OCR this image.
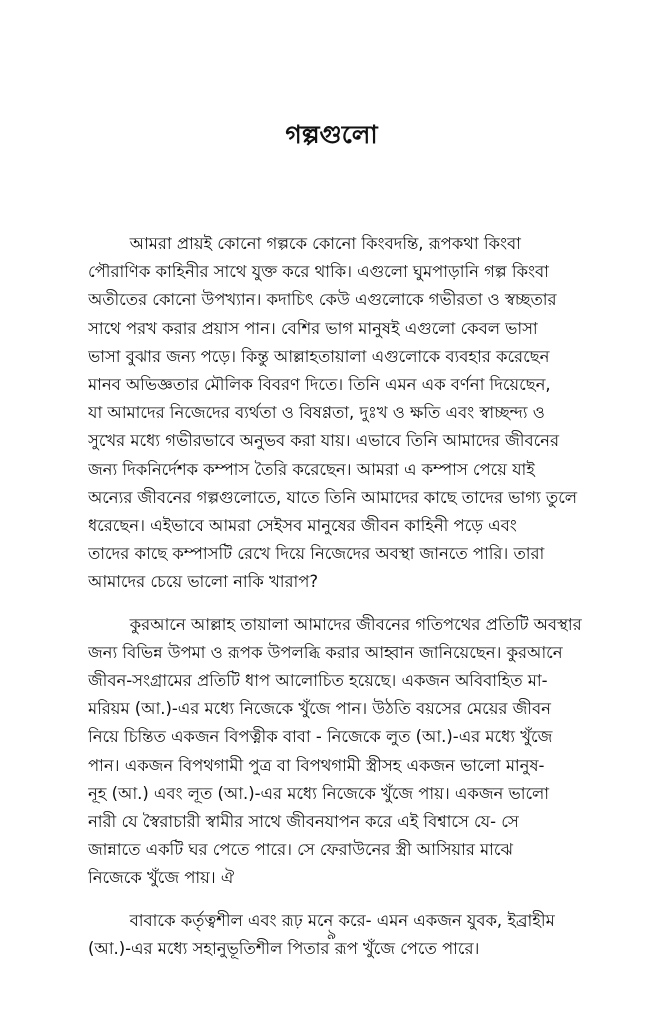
গল্পগুলো

আমরা প্রায়ই কোনো গল্পকে কোনো কিংবদন্তি, রূপকথা কিংবা
পৌরাণিক কাহিনীর সাথে যুক্ত করে থাকি। এগুলো ঘুমপাড়ানি গল্প কিংবা
অতীতের কোনো উপখ্যান। কদাচিৎ কেউ এগুলোকে গভীরতা ও স্বচ্ছতার
সাথে পরখ করার প্রয়াস পান। বেশির ভাগ মানুষই এগুলো কেবল ভাসা
ভাসা বুঝার জন্য পড়ে। কিন্তু আল্লাহতায়ালা এগুলোকে ব্যবহার করেছেন
মানব অভিজ্ঞতার মৌলিক বিবরণ দিতে। তিনি এমন এক বর্ণনা দিয়েছেন,
যা আমাদের নিজেদের ব্যর্থতা ও বিষণ্ণতা, দুঃখ ও ক্ষতি এবং স্বাচ্ছন্দ্য ও
সুখের মধ্যে গভীরভাবে অনুভব করা যায়। এভাবে তিনি আমাদের জীবনের
জন্য দিকনির্দেশক কম্পাস তৈরি করেছেন। আমরা এ কম্পাস পেয়ে যাই
অন্যের জীবনের গল্পগুলোতে, যাতে তিনি আমাদের কাছে তাদের ভাগ্য তুলে
ধরেছেন। এইভাবে আমরা সেইসব মানুষের জীবন কাহিনী পড়ে এবং
তাদের কাছে কম্পাসটি রেখে দিয়ে নিজেদের অবস্থা জানতে পারি। তারা
আমাদের চেয়ে ভালো নাকি খারাপ?

কুরআনে আল্লাহ তায়ালা আমাদের জীবনের গতিপথের প্রতিটি অবস্থার
জন্য বিভিন্ন উপমা ও রূপক উপলব্ধি করার আহ্বান জানিয়েছেন। কুরআনে
জীবন-সংগ্রামের প্রতিটি ধাপ আলোচিত হয়েছে। একজন অবিবাহিত মা-
মরিয়ম (আ.)-এর মধ্যে নিজেকে খুঁজে পান। উঠতি বয়সের মেয়ের জীবন
নিয়ে চিন্তিত একজন বিপত্নীক বাবা - নিজেকে লুত (আ.)-এর মধ্যে খুঁজে
পান। একজন বিপথগামী পুত্র বা বিপথগামী স্ত্রীসহ একজন ভালো মানুষ-
নূহ (আ.) এবং লূত (আ.)-এর মধ্যে নিজেকে খুঁজে পায়। একজন ভালো
নারী যে স্বৈরাচারী স্বামীর সাথে জীবনযাপন করে এই বিশ্বাসে যে- সে
জান্নাতে একটি ঘর পেতে পারে। সে ফেরাউনের স্ত্রী আসিয়ার মাঝে
নিজেকে খুঁজে পায়। ঐ

বাবাকে কর্তৃত্বশীল এবং রূঢ় মনে করে- এমন একজন যুবক, ইব্রাহীম
(আ.)-এর মধ্যে সহানুভূতিশীল পিতার রূপ খুঁজে পেতে পারে।

৯
